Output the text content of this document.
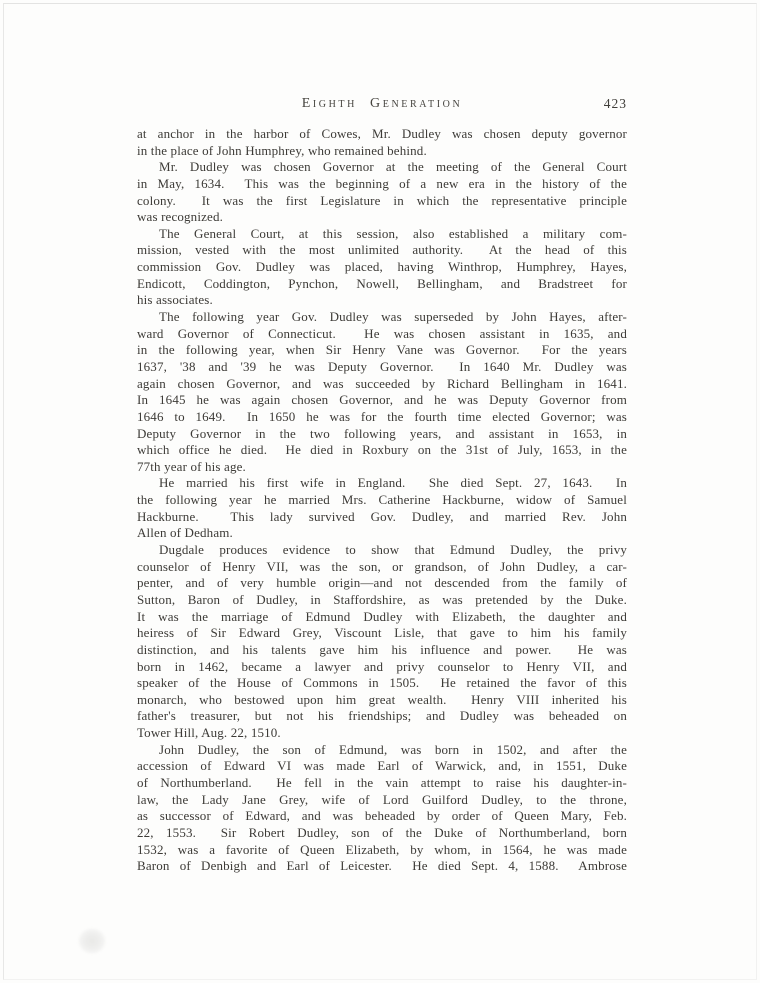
Eighth Generation	423
at anchor in the harbor of Cowes, Mr. Dudley was chosen deputy governor
in the place of John Humphrey, who remained behind.
Mr. Dudley was chosen Governor at the meeting of the General Court
in May, 1634.  This was the beginning of a new era in the history of the
colony.  It was the first Legislature in which the representative principle
was recognized.
The General Court, at this session, also established a military com-
mission, vested with the most unlimited authority.  At the head of this
commission Gov. Dudley was placed, having Winthrop, Humphrey, Hayes,
Endicott, Coddington, Pynchon, Nowell, Bellingham, and Bradstreet for
his associates.
The following year Gov. Dudley was superseded by John Hayes, after-
ward Governor of Connecticut.  He was chosen assistant in 1635, and
in the following year, when Sir Henry Vane was Governor.  For the years
1637, '38 and '39 he was Deputy Governor.  In 1640 Mr. Dudley was
again chosen Governor, and was succeeded by Richard Bellingham in 1641.
In 1645 he was again chosen Governor, and he was Deputy Governor from
1646 to 1649.  In 1650 he was for the fourth time elected Governor; was
Deputy Governor in the two following years, and assistant in 1653, in
which office he died.  He died in Roxbury on the 31st of July, 1653, in the
77th year of his age.
He married his first wife in England.  She died Sept. 27, 1643.  In
the following year he married Mrs. Catherine Hackburne, widow of Samuel
Hackburne.  This lady survived Gov. Dudley, and married Rev. John
Allen of Dedham.
Dugdale produces evidence to show that Edmund Dudley, the privy
counselor of Henry VII, was the son, or grandson, of John Dudley, a car-
penter, and of very humble origin—and not descended from the family of
Sutton, Baron of Dudley, in Staffordshire, as was pretended by the Duke.
It was the marriage of Edmund Dudley with Elizabeth, the daughter and
heiress of Sir Edward Grey, Viscount Lisle, that gave to him his family
distinction, and his talents gave him his influence and power.  He was
born in 1462, became a lawyer and privy counselor to Henry VII, and
speaker of the House of Commons in 1505.  He retained the favor of this
monarch, who bestowed upon him great wealth.  Henry VIII inherited his
father's treasurer, but not his friendships; and Dudley was beheaded on
Tower Hill, Aug. 22, 1510.
John Dudley, the son of Edmund, was born in 1502, and after the
accession of Edward VI was made Earl of Warwick, and, in 1551, Duke
of Northumberland.  He fell in the vain attempt to raise his daughter-in-
law, the Lady Jane Grey, wife of Lord Guilford Dudley, to the throne,
as successor of Edward, and was beheaded by order of Queen Mary, Feb.
22, 1553.  Sir Robert Dudley, son of the Duke of Northumberland, born
1532, was a favorite of Queen Elizabeth, by whom, in 1564, he was made
Baron of Denbigh and Earl of Leicester.  He died Sept. 4, 1588.  Ambrose
